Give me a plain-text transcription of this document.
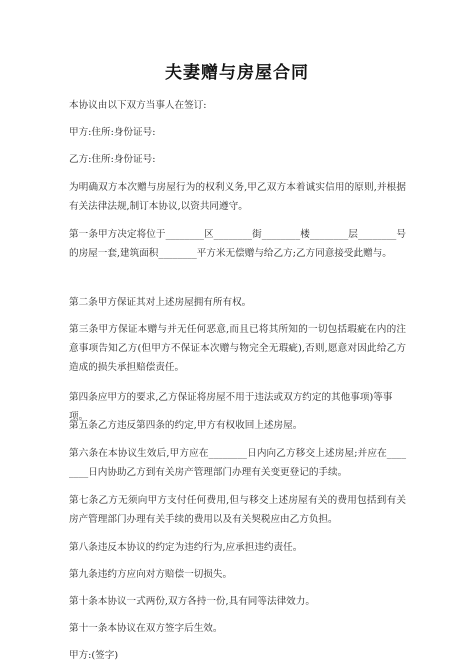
夫妻赠与房屋合同
本协议由以下双方当事人在签订:
甲方:住所:身份证号:
乙方:住所:身份证号:
为明确双方本次赠与房屋行为的权利义务,甲乙双方本着诚实信用的原则,并根据有关法律法规,制订本协议,以资共同遵守。
第一条甲方决定将位于________区________街________楼________层________号的房屋一套,建筑面积________平方米无偿赠与给乙方;乙方同意接受此赠与。
第二条甲方保证其对上述房屋拥有所有权。
第三条甲方保证本赠与并无任何恶意,而且已将其所知的一切包括瑕疵在内的注意事项告知乙方(但甲方不保证本次赠与物完全无瑕疵),否则,愿意对因此给乙方造成的损失承担赔偿责任。
第四条应甲方的要求,乙方保证将房屋不用于违法或双方约定的其他事项)等事项。
第五条乙方违反第四条的约定,甲方有权收回上述房屋。
第六条在本协议生效后,甲方应在________日内向乙方移交上述房屋;并应在________日内协助乙方到有关房产管理部门办理有关变更登记的手续。
第七条乙方无须向甲方支付任何费用,但与移交上述房屋有关的费用包括到有关房产管理部门办理有关手续的费用以及有关契税应由乙方负担。
第八条违反本协议的约定为违约行为,应承担违约责任。
第九条违约方应向对方赔偿一切损失。
第十条本协议一式两份,双方各持一份,具有同等法律效力。
第十一条本协议在双方签字后生效。
甲方:(签字)
